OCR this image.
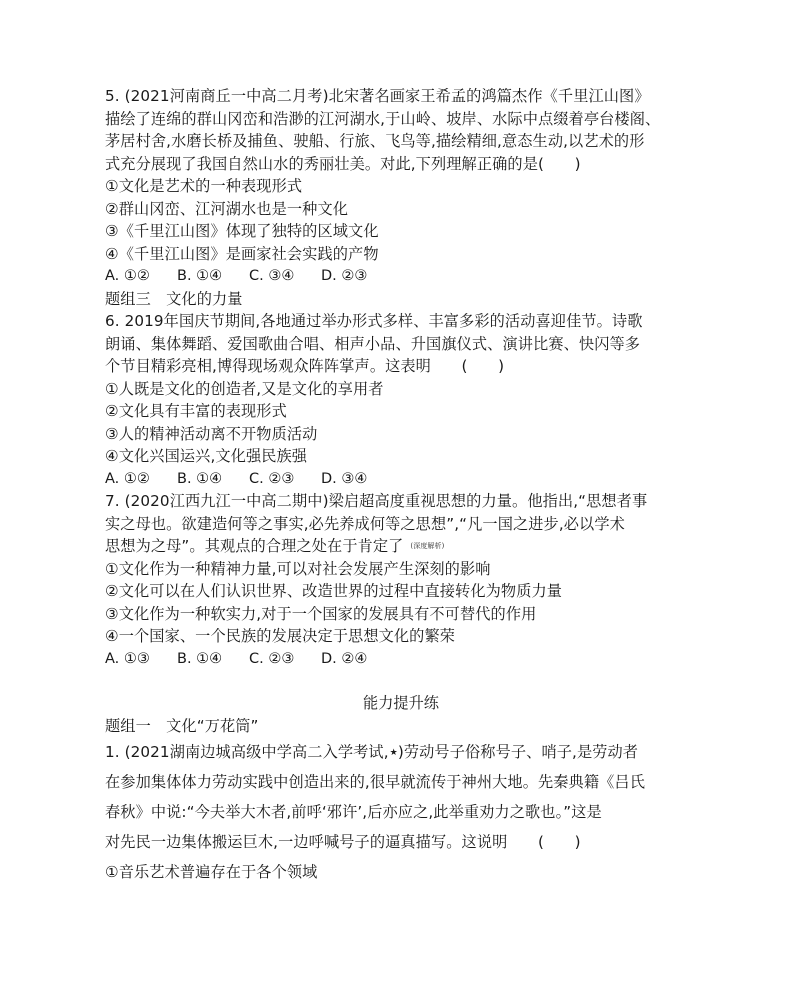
5. (2021河南商丘一中高二月考)北宋著名画家王希孟的鸿篇杰作《千里江山图》
描绘了连绵的群山冈峦和浩渺的江河湖水,于山岭、坡岸、水际中点缀着亭台楼阁、
茅居村舍,水磨长桥及捕鱼、驶船、行旅、飞鸟等,描绘精细,意态生动,以艺术的形
式充分展现了我国自然山水的秀丽壮美。对此,下列理解正确的是(　　)
①文化是艺术的一种表现形式
②群山冈峦、江河湖水也是一种文化
③《千里江山图》体现了独特的区域文化
④《千里江山图》是画家社会实践的产物
A. ①②	B. ①④	C. ③④	D. ②③
题组三　文化的力量
6. 2019年国庆节期间,各地通过举办形式多样、丰富多彩的活动喜迎佳节。诗歌
朗诵、集体舞蹈、爱国歌曲合唱、相声小品、升国旗仪式、演讲比赛、快闪等多
个节目精彩亮相,博得现场观众阵阵掌声。这表明　　(　　)
①人既是文化的创造者,又是文化的享用者
②文化具有丰富的表现形式
③人的精神活动离不开物质活动
④文化兴国运兴,文化强民族强
A. ①②	B. ①④	C. ②③	D. ③④
7. (2020江西九江一中高二期中)梁启超高度重视思想的力量。他指出,“思想者事
实之母也。欲建造何等之事实,必先养成何等之思想”,“凡一国之进步,必以学术
思想为之母”。其观点的合理之处在于肯定了 (深度解析)
①文化作为一种精神力量,可以对社会发展产生深刻的影响
②文化可以在人们认识世界、改造世界的过程中直接转化为物质力量
③文化作为一种软实力,对于一个国家的发展具有不可替代的作用
④一个国家、一个民族的发展决定于思想文化的繁荣
A. ①③	B. ①④	C. ②③	D. ②④
能力提升练
题组一　文化“万花筒”
1. (2021湖南边城高级中学高二入学考试,★)劳动号子俗称号子、哨子,是劳动者
在参加集体体力劳动实践中创造出来的,很早就流传于神州大地。先秦典籍《吕氏
春秋》中说:“今夫举大木者,前呼‘邪许’,后亦应之,此举重劝力之歌也。”这是
对先民一边集体搬运巨木,一边呼喊号子的逼真描写。这说明　　(　　)
①音乐艺术普遍存在于各个领域
